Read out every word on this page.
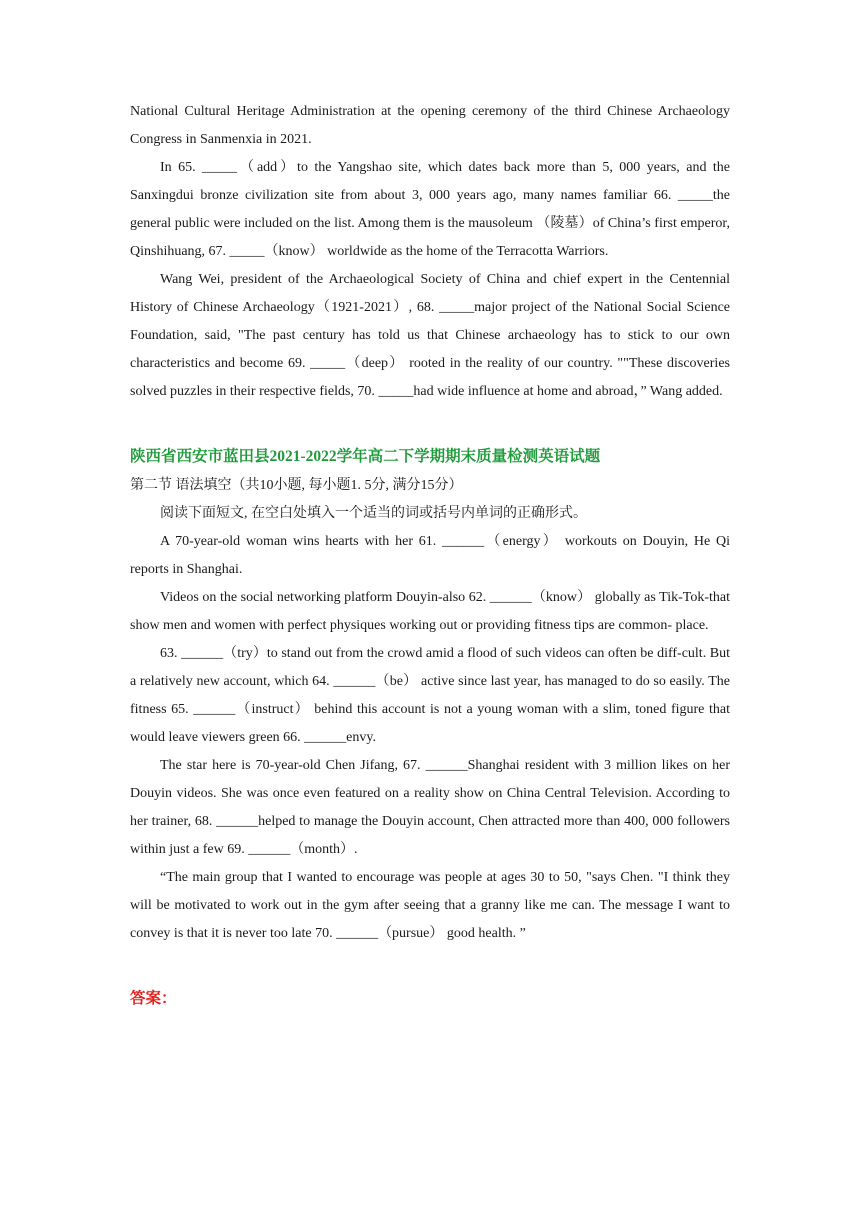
National Cultural Heritage Administration at the opening ceremony of the third Chinese Archaeology Congress in Sanmenxia in 2021.

In 65. _____（add）to the Yangshao site, which dates back more than 5, 000 years, and the Sanxingdui bronze civilization site from about 3, 000 years ago, many names familiar 66. _____the general public were included on the list. Among them is the mausoleum （陵墓）of China’s first emperor, Qinshihuang, 67. _____（know） worldwide as the home of the Terracotta Warriors.

Wang Wei, president of the Archaeological Society of China and chief expert in the Centennial History of Chinese Archaeology（1921-2021）, 68. _____major project of the National Social Science Foundation, said, "The past century has told us that Chinese archaeology has to stick to our own characteristics and become 69. _____（deep） rooted in the reality of our country. ""These discoveries solved puzzles in their respective fields, 70. _____had wide influence at home and abroad，” Wang added.

陕西省西安市蓝田县2021-2022学年高二下学期期末质量检测英语试题

第二节 语法填空（共10小题, 每小题1. 5分, 满分15分）

阅读下面短文, 在空白处填入一个适当的词或括号内单词的正确形式。

A 70-year-old woman wins hearts with her 61. ______（energy） workouts on Douyin, He Qi reports in Shanghai.

Videos on the social networking platform Douyin-also 62. ______（know） globally as Tik-Tok-that show men and women with perfect physiques working out or providing fitness tips are common- place.

63. ______（try）to stand out from the crowd amid a flood of such videos can often be diff-cult. But a relatively new account, which 64. ______（be） active since last year, has managed to do so easily. The fitness 65. ______（instruct） behind this account is not a young woman with a slim, toned figure that would leave viewers green 66. ______envy.

The star here is 70-year-old Chen Jifang, 67. ______Shanghai resident with 3 million likes on her Douyin videos. She was once even featured on a reality show on China Central Television. According to her trainer, 68. ______helped to manage the Douyin account, Chen attracted more than 400, 000 followers within just a few 69. ______（month）.

“The main group that I wanted to encourage was people at ages 30 to 50, "says Chen. "I think they will be motivated to work out in the gym after seeing that a granny like me can. The message I want to convey is that it is never too late 70. ______（pursue） good health. ”

答案：
